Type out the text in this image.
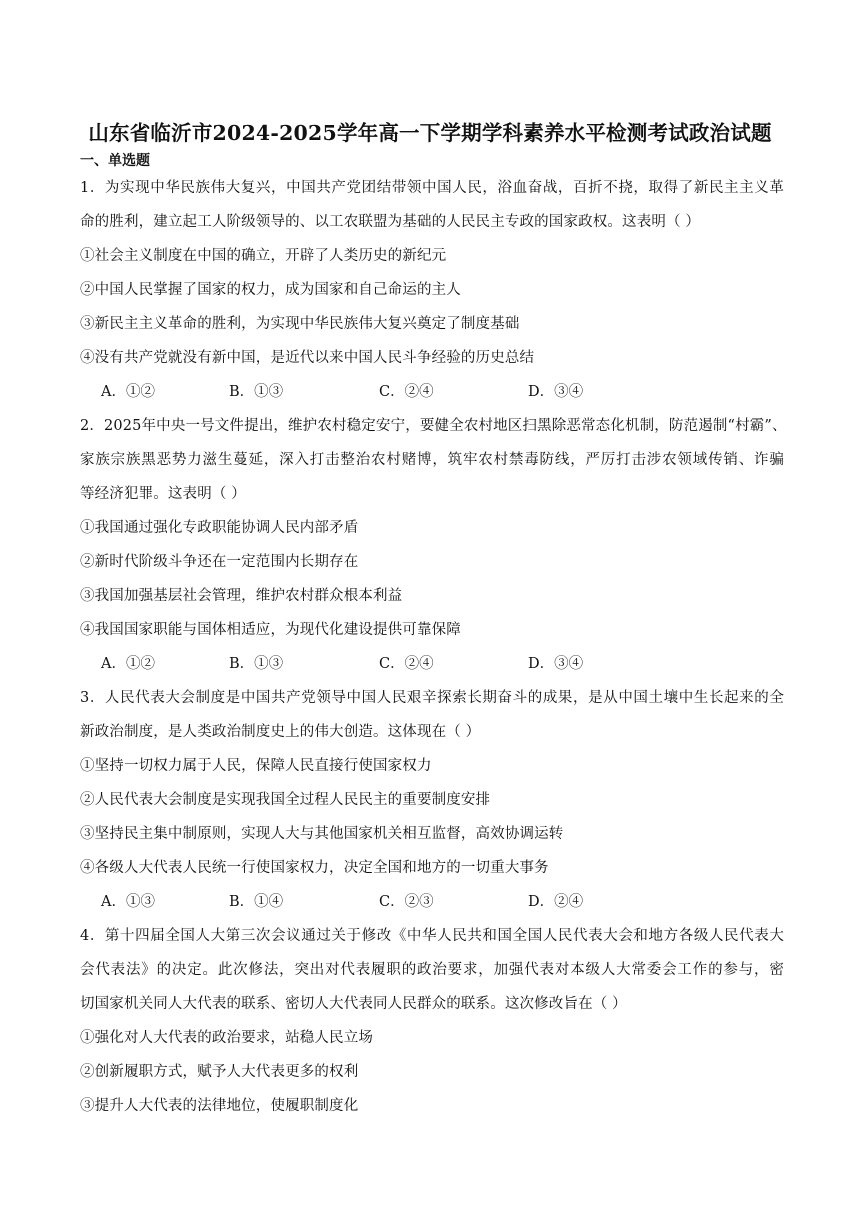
山东省临沂市2024-2025学年高一下学期学科素养水平检测考试政治试题
一、单选题
1．为实现中华民族伟大复兴，中国共产党团结带领中国人民，浴血奋战，百折不挠，取得了新民主主义革
命的胜利，建立起工人阶级领导的、以工农联盟为基础的人民民主专政的国家政权。这表明（ ）
①社会主义制度在中国的确立，开辟了人类历史的新纪元
②中国人民掌握了国家的权力，成为国家和自己命运的主人
③新民主主义革命的胜利，为实现中华民族伟大复兴奠定了制度基础
④没有共产党就没有新中国，是近代以来中国人民斗争经验的历史总结
A．①②	B．①③	C．②④	D．③④
2．2025年中央一号文件提出，维护农村稳定安宁，要健全农村地区扫黑除恶常态化机制，防范遏制“村霸”、
家族宗族黑恶势力滋生蔓延，深入打击整治农村赌博，筑牢农村禁毒防线，严厉打击涉农领域传销、诈骗
等经济犯罪。这表明（ ）
①我国通过强化专政职能协调人民内部矛盾
②新时代阶级斗争还在一定范围内长期存在
③我国加强基层社会管理，维护农村群众根本利益
④我国国家职能与国体相适应，为现代化建设提供可靠保障
A．①②	B．①③	C．②④	D．③④
3．人民代表大会制度是中国共产党领导中国人民艰辛探索长期奋斗的成果，是从中国土壤中生长起来的全
新政治制度，是人类政治制度史上的伟大创造。这体现在（ ）
①坚持一切权力属于人民，保障人民直接行使国家权力
②人民代表大会制度是实现我国全过程人民民主的重要制度安排
③坚持民主集中制原则，实现人大与其他国家机关相互监督，高效协调运转
④各级人大代表人民统一行使国家权力，决定全国和地方的一切重大事务
A．①③	B．①④	C．②③	D．②④
4．第十四届全国人大第三次会议通过关于修改《中华人民共和国全国人民代表大会和地方各级人民代表大
会代表法》的决定。此次修法，突出对代表履职的政治要求，加强代表对本级人大常委会工作的参与，密
切国家机关同人大代表的联系、密切人大代表同人民群众的联系。这次修改旨在（ ）
①强化对人大代表的政治要求，站稳人民立场
②创新履职方式，赋予人大代表更多的权利
③提升人大代表的法律地位，使履职制度化
